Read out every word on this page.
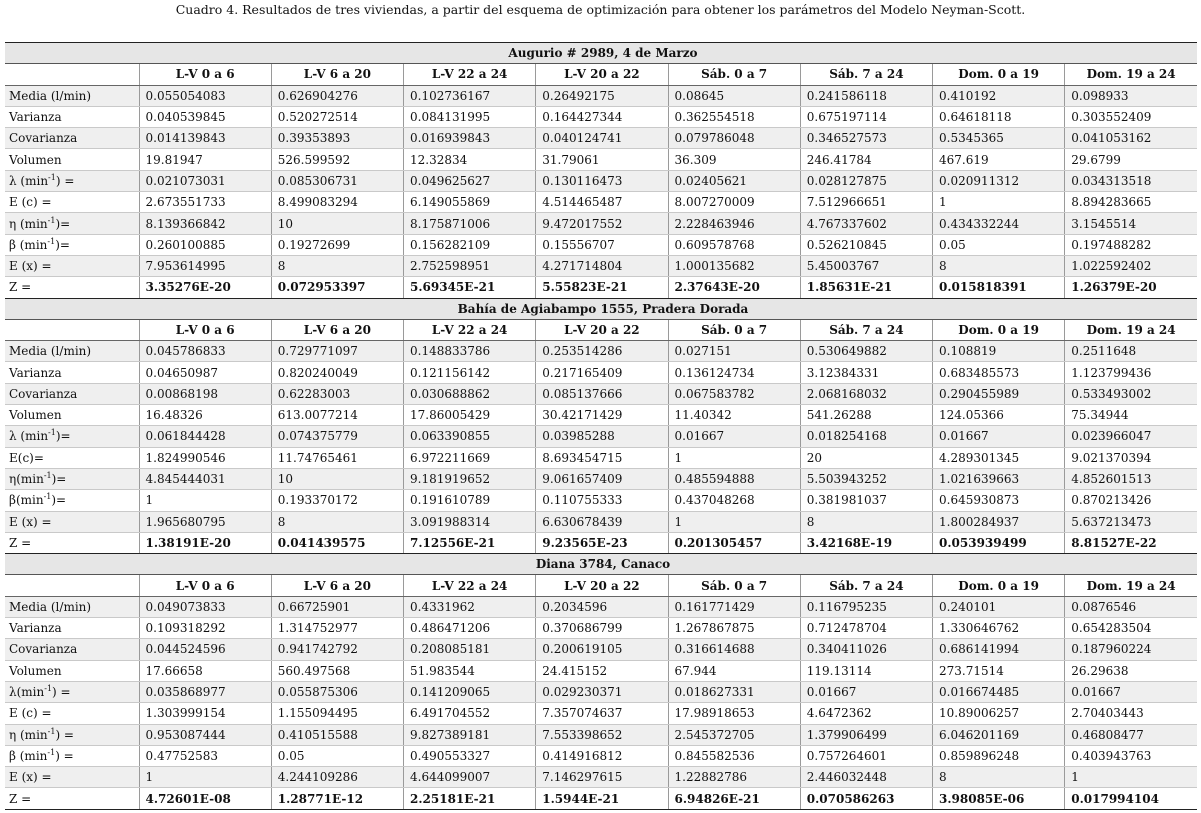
Cuadro 4. Resultados de tres viviendas, a partir del esquema de optimización para obtener los parámetros del Modelo Neyman-Scott.
Augurio # 2989, 4 de Marzo								
	L-V 0 a 6	L-V 6 a 20	L-V 22 a 24	L-V 20 a 22	Sáb. 0 a 7	Sáb. 7 a 24	Dom. 0 a 19	Dom. 19 a 24
Media (l/min)	0.055054083	0.626904276	0.102736167	0.26492175	0.08645	0.241586118	0.410192	0.098933
Varianza	0.040539845	0.520272514	0.084131995	0.164427344	0.362554518	0.675197114	0.64618118	0.303552409
Covarianza	0.014139843	0.39353893	0.016939843	0.040124741	0.079786048	0.346527573	0.5345365	0.041053162
Volumen	19.81947	526.599592	12.32834	31.79061	36.309	246.41784	467.619	29.6799
λ $(\min^{-1})$ =	0.021073031	0.085306731	0.049625627	0.130116473	0.02405621	0.028127875	0.020911312	0.034313518
E (c) =	2.673551733	8.499083294	6.149055869	4.514465487	8.007270009	7.512966651	1	8.894283665
η $(\min^{-1})=$	8.139366842	10	8.175871006	9.472017552	2.228463946	4.767337602	0.434332244	3.1545514
β $(\min^{-1})=$	0.260100885	0.19272699	0.156282109	0.15556707	0.609578768	0.526210845	0.05	0.197488282
E (x) =	7.953614995	8	2.752598951	4.271714804	1.000135682	5.45003767	8	1.022592402
Z =	3.35276E-20	0.072953397	5.69345E-21	5.55823E-21	2.37643E-20	1.85631E-21	0.015818391	1.26379E-20
Bahía de Agiabampo 1555, Pradera Dorada								
	L-V 0 a 6	L-V 6 a 20	L-V 22 a 24	L-V 20 a 22	Sáb. 0 a 7	Sáb. 7 a 24	Dom. 0 a 19	Dom. 19 a 24
Media (l/min)	0.045786833	0.729771097	0.148833786	0.253514286	0.027151	0.530649882	0.108819	0.2511648
Varianza	0.04650987	0.820240049	0.121156142	0.217165409	0.136124734	3.12384331	0.683485573	1.123799436
Covarianza	0.00868198	0.62283003	0.030688862	0.085137666	0.067583782	2.068168032	0.290455989	0.533493002
Volumen	16.48326	613.0077214	17.86005429	30.42171429	11.40342	541.26288	124.05366	75.34944
λ $(\min^{-1})=$	0.061844428	0.074375779	0.063390855	0.03985288	0.01667	0.018254168	0.01667	0.023966047
E(c)=	1.824990546	11.74765461	6.972211669	8.693454715	1	20	4.289301345	9.021370394
$\eta(\min^{-1})=$	4.845444031	10	9.181919652	9.061657409	0.485594888	5.503943252	1.021639663	4.852601513
$\beta(\min^{-1})=$	1	0.193370172	0.191610789	0.110755333	0.437048268	0.381981037	0.645930873	0.870213426
E (x) =	1.965680795	8	3.091988314	6.630678439	1	8	1.800284937	5.637213473
Z =	1.38191E-20	0.041439575	7.12556E-21	9.23565E-23	0.201305457	3.42168E-19	0.053939499	8.81527E-22
Diana 3784, Canaco								
	L-V 0 a 6	L-V 6 a 20	L-V 22 a 24	L-V 20 a 22	Sáb. 0 a 7	Sáb. 7 a 24	Dom. 0 a 19	Dom. 19 a 24
Media (l/min)	0.049073833	0.66725901	0.4331962	0.2034596	0.161771429	0.116795235	0.240101	0.0876546
Varianza	0.109318292	1.314752977	0.486471206	0.370686799	1.267867875	0.712478704	1.330646762	0.654283504
Covarianza	0.044524596	0.941742792	0.208085181	0.200619105	0.316614688	0.340411026	0.686141994	0.187960224
Volumen	17.66658	560.497568	51.983544	24.415152	67.944	119.13114	273.71514	26.29638
$\lambda(\min^{-1})$ =	0.035868977	0.055875306	0.141209065	0.029230371	0.018627331	0.01667	0.016674485	0.01667
E (c) =	1.303999154	1.155094495	6.491704552	7.357074637	17.98918653	4.6472362	10.89006257	2.70403443
η $(\min^{-1})$ =	0.953087444	0.410515588	9.827389181	7.553398652	2.545372705	1.379906499	6.046201169	0.46808477
β $(\min^{-1})$ =	0.47752583	0.05	0.490553327	0.414916812	0.845582536	0.757264601	0.859896248	0.403943763
E (x) =	1	4.244109286	4.644099007	7.146297615	1.22882786	2.446032448	8	1
Z =	4.72601E-08	1.28771E-12	2.25181E-21	1.5944E-21	6.94826E-21	0.070586263	3.98085E-06	0.017994104
